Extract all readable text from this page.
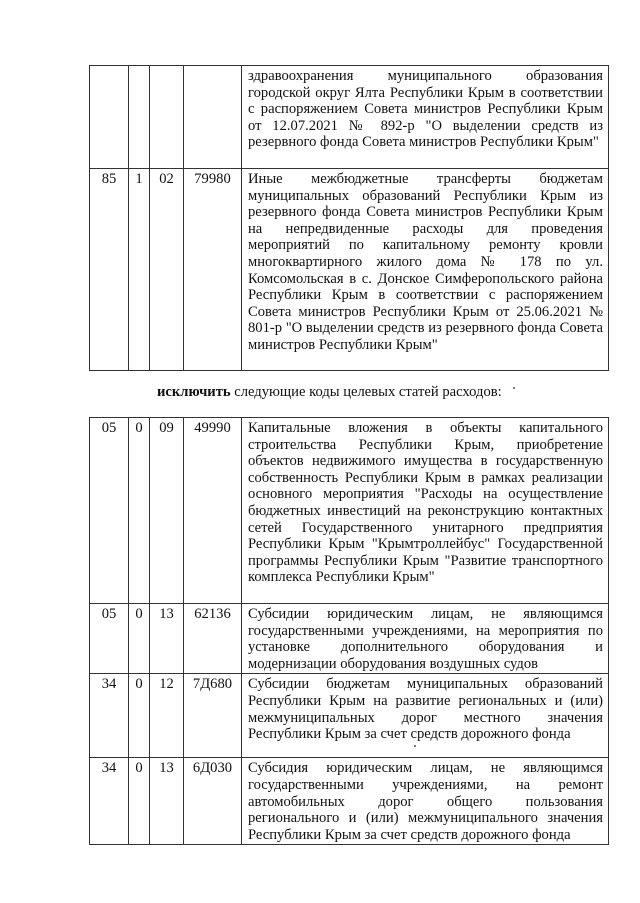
				здравоохранения муниципального образования городской округ Ялта Республики Крым в соответствии с распоряжением Совета министров Республики Крым от 12.07.2021 № 892-р "О выделении средств из резервного фонда Совета министров Республики Крым"
85	1	02	79980	Иные межбюджетные трансферты бюджетам муниципальных образований Республики Крым из резервного фонда Совета министров Республики Крым на непредвиденные расходы для проведения мероприятий по капитальному ремонту кровли многоквартирного жилого дома № 178 по ул. Комсомольская в с. Донское Симферопольского района Республики Крым в соответствии с распоряжением Совета министров Республики Крым от 25.06.2021 № 801-р "О выделении средств из резервного фонда Совета министров Республики Крым"
исключить следующие коды целевых статей расходов:
05	0	09	49990	Капитальные вложения в объекты капитального строительства Республики Крым, приобретение объектов недвижимого имущества в государственную собственность Республики Крым в рамках реализации основного мероприятия "Расходы на осуществление бюджетных инвестиций на реконструкцию контактных сетей Государственного унитарного предприятия Республики Крым "Крымтроллейбус" Государственной программы Республики Крым "Развитие транспортного комплекса Республики Крым"
05	0	13	62136	Субсидии юридическим лицам, не являющимся государственными учреждениями, на мероприятия по установке дополнительного оборудования и модернизации оборудования воздушных судов
34	0	12	7Д680	Субсидии бюджетам муниципальных образований Республики Крым на развитие региональных и (или) межмуниципальных дорог местного значения Республики Крым за счет средств дорожного фонда
34	0	13	6Д030	Субсидия юридическим лицам, не являющимся государственными учреждениями, на ремонт автомобильных дорог общего пользования регионального и (или) межмуниципального значения Республики Крым за счет средств дорожного фонда
